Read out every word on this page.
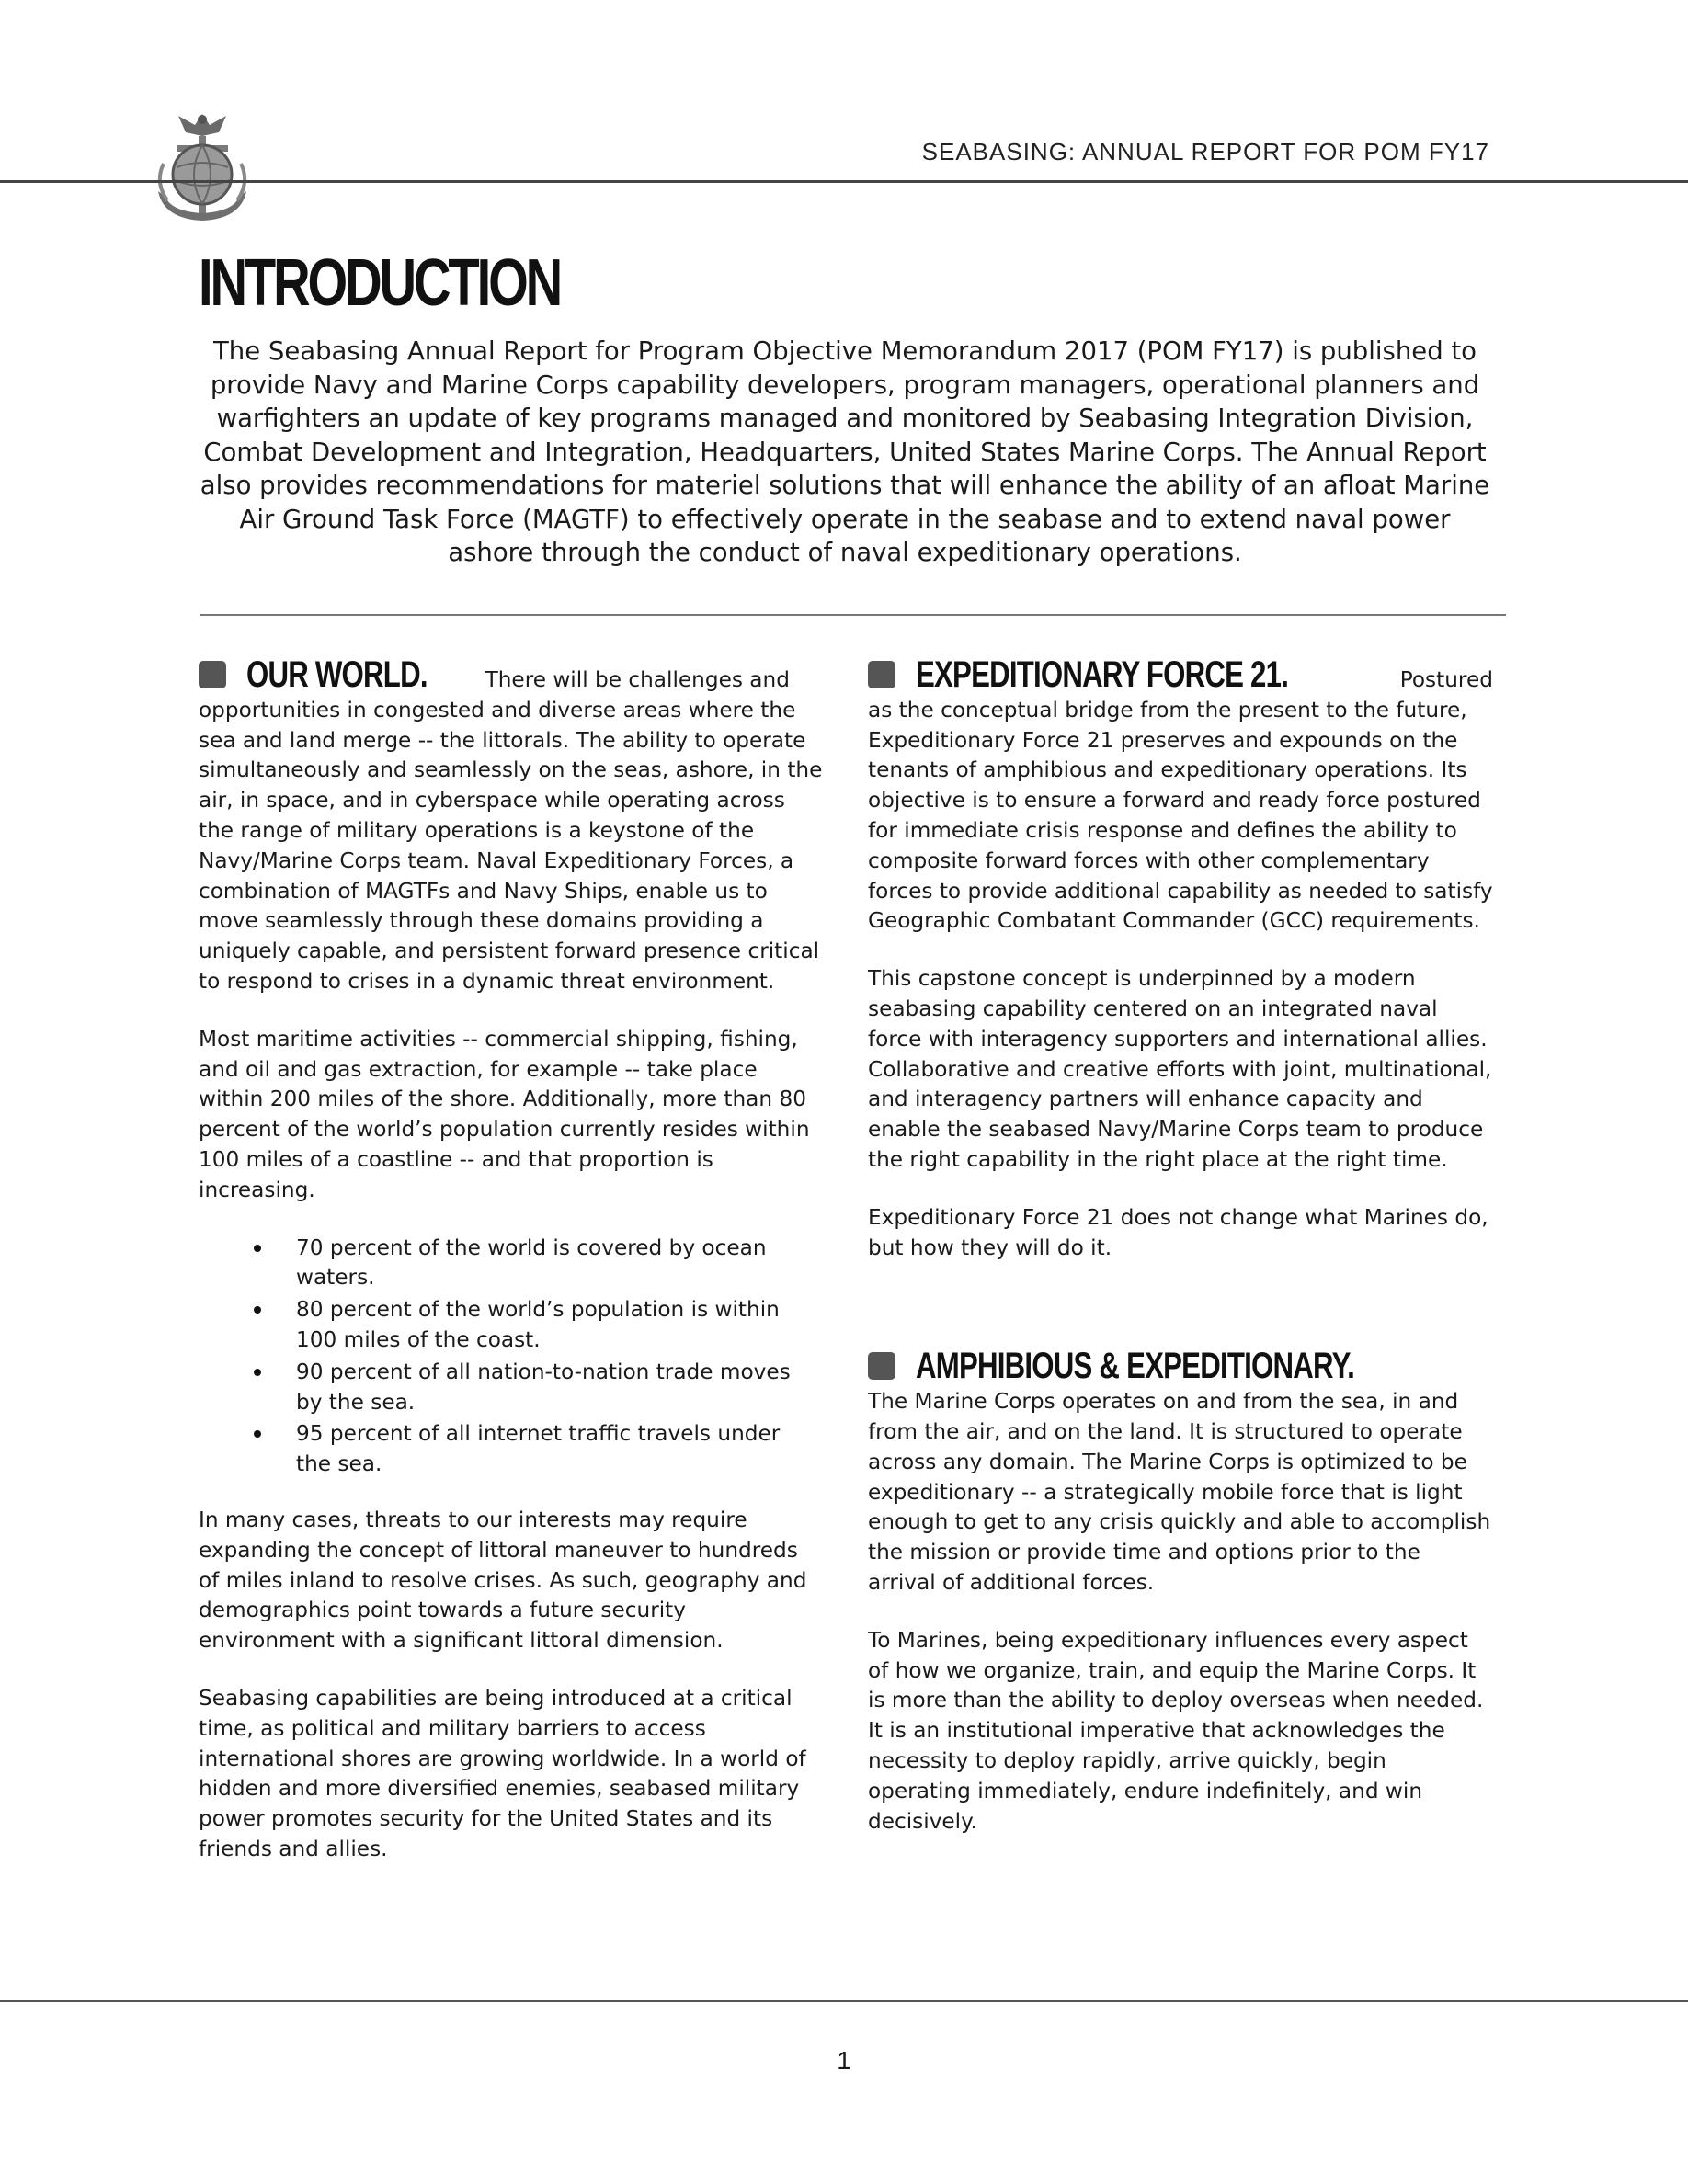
SEABASING: ANNUAL REPORT FOR POM FY17
INTRODUCTION

The Seabasing Annual Report for Program Objective Memorandum 2017 (POM FY17) is published to provide Navy and Marine Corps capability developers, program managers, operational planners and warfighters an update of key programs managed and monitored by Seabasing Integration Division, Combat Development and Integration, Headquarters, United States Marine Corps. The Annual Report also provides recommendations for materiel solutions that will enhance the ability of an afloat Marine Air Ground Task Force (MAGTF) to effectively operate in the seabase and to extend naval power ashore through the conduct of naval expeditionary operations.

OUR WORLD.	There will be challenges and opportunities in congested and diverse areas where the sea and land merge -- the littorals. The ability to operate simultaneously and seamlessly on the seas, ashore, in the air, in space, and in cyberspace while operating across the range of military operations is a keystone of the Navy/Marine Corps team. Naval Expeditionary Forces, a combination of MAGTFs and Navy Ships, enable us to move seamlessly through these domains providing a uniquely capable, and persistent forward presence critical to respond to crises in a dynamic threat environment.

Most maritime activities -- commercial shipping, fishing, and oil and gas extraction, for example -- take place within 200 miles of the shore. Additionally, more than 80 percent of the world’s population currently resides within 100 miles of a coastline -- and that proportion is increasing.

70 percent of the world is covered by ocean waters.
80 percent of the world’s population is within 100 miles of the coast.
90 percent of all nation-to-nation trade moves by the sea.
95 percent of all internet traffic travels under the sea.

In many cases, threats to our interests may require expanding the concept of littoral maneuver to hundreds of miles inland to resolve crises. As such, geography and demographics point towards a future security environment with a significant littoral dimension.

Seabasing capabilities are being introduced at a critical time, as political and military barriers to access international shores are growing worldwide. In a world of hidden and more diversified enemies, seabased military power promotes security for the United States and its friends and allies.

EXPEDITIONARY FORCE 21.	Postured as the conceptual bridge from the present to the future, Expeditionary Force 21 preserves and expounds on the tenants of amphibious and expeditionary operations. Its objective is to ensure a forward and ready force postured for immediate crisis response and defines the ability to composite forward forces with other complementary forces to provide additional capability as needed to satisfy Geographic Combatant Commander (GCC) requirements.

This capstone concept is underpinned by a modern seabasing capability centered on an integrated naval force with interagency supporters and international allies. Collaborative and creative efforts with joint, multinational, and interagency partners will enhance capacity and enable the seabased Navy/Marine Corps team to produce the right capability in the right place at the right time.

Expeditionary Force 21 does not change what Marines do, but how they will do it.

AMPHIBIOUS & EXPEDITIONARY. The Marine Corps operates on and from the sea, in and from the air, and on the land. It is structured to operate across any domain. The Marine Corps is optimized to be expeditionary -- a strategically mobile force that is light enough to get to any crisis quickly and able to accomplish the mission or provide time and options prior to the arrival of additional forces.

To Marines, being expeditionary influences every aspect of how we organize, train, and equip the Marine Corps. It is more than the ability to deploy overseas when needed. It is an institutional imperative that acknowledges the necessity to deploy rapidly, arrive quickly, begin operating immediately, endure indefinitely, and win decisively.

1
